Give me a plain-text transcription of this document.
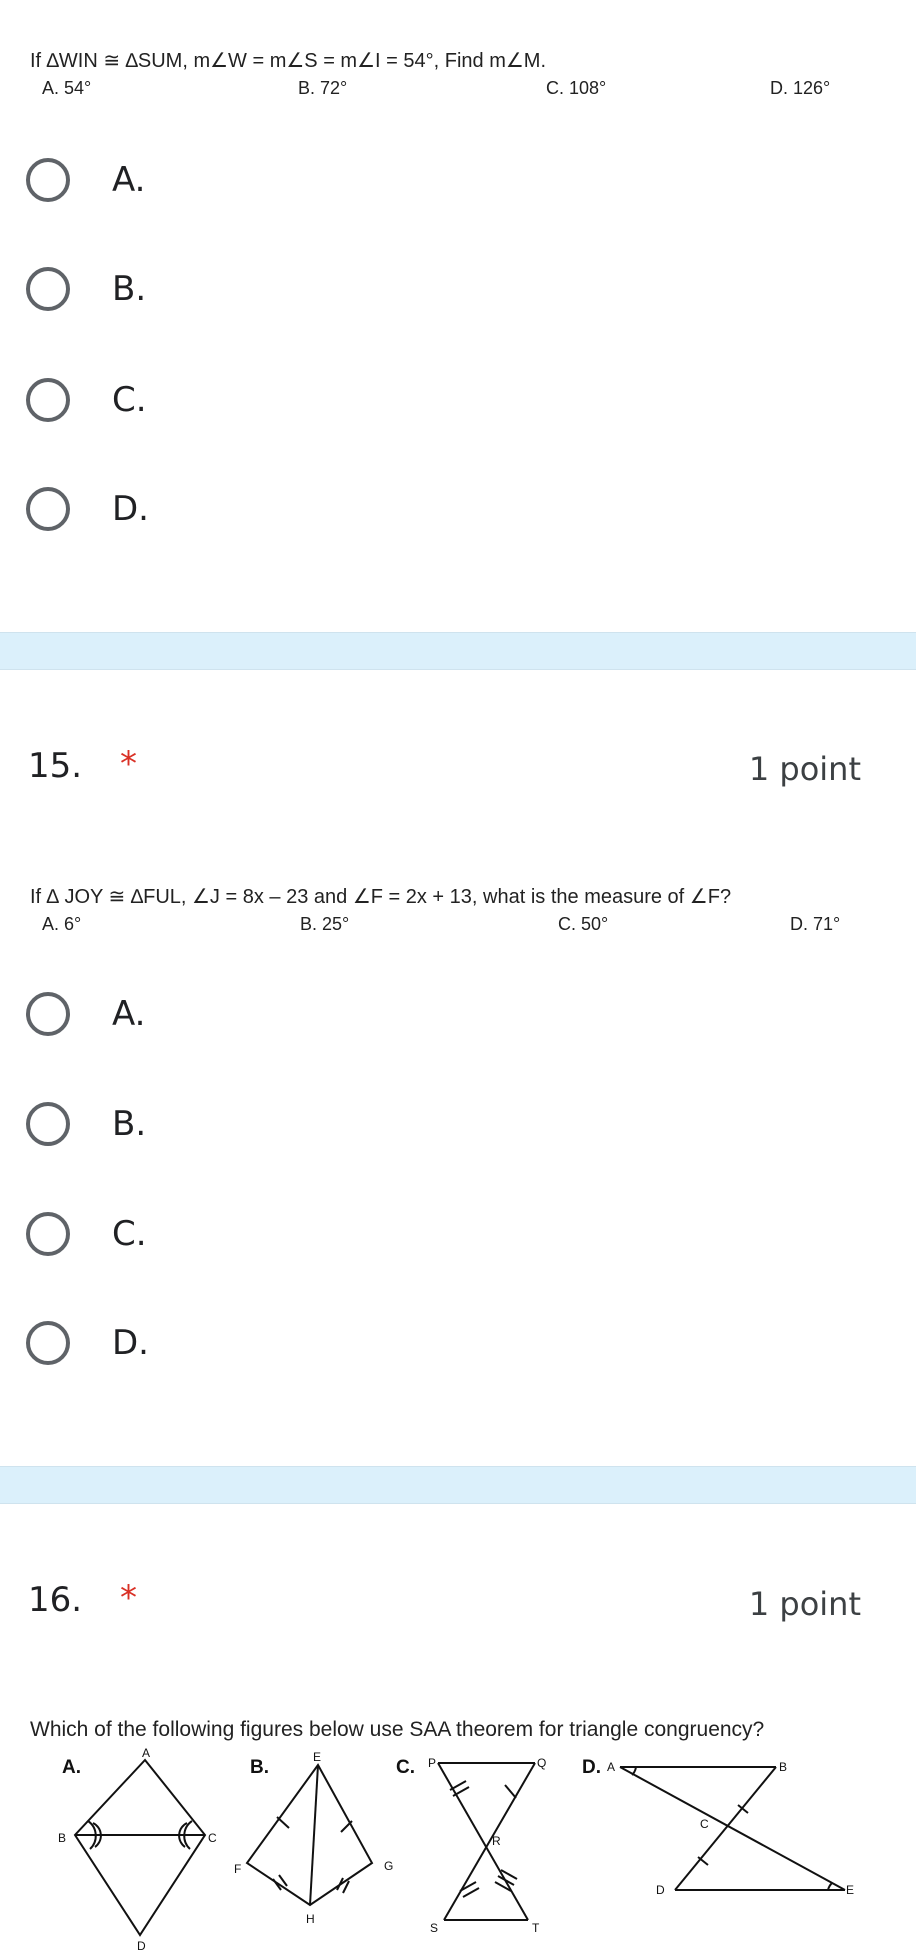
If ∆WIN ≅ ∆SUM, m∠W = m∠S = m∠I = 54°, Find m∠M.
A. 54°	B. 72°	C. 108°	D. 126°
A.
B.
C.
D.
15. *	1 point
If ∆ JOY ≅ ∆FUL, ∠J = 8x – 23 and ∠F = 2x + 13, what is the measure of ∠F?
A. 6°	B. 25°	C. 50°	D. 71°
A.
B.
C.
D.
16. *	1 point
Which of the following figures below use SAA theorem for triangle congruency?
A.	B.	C.	D.
A
B	C
D
E
F	G
H
P	Q
R
S	T
A	B
C
D	E
